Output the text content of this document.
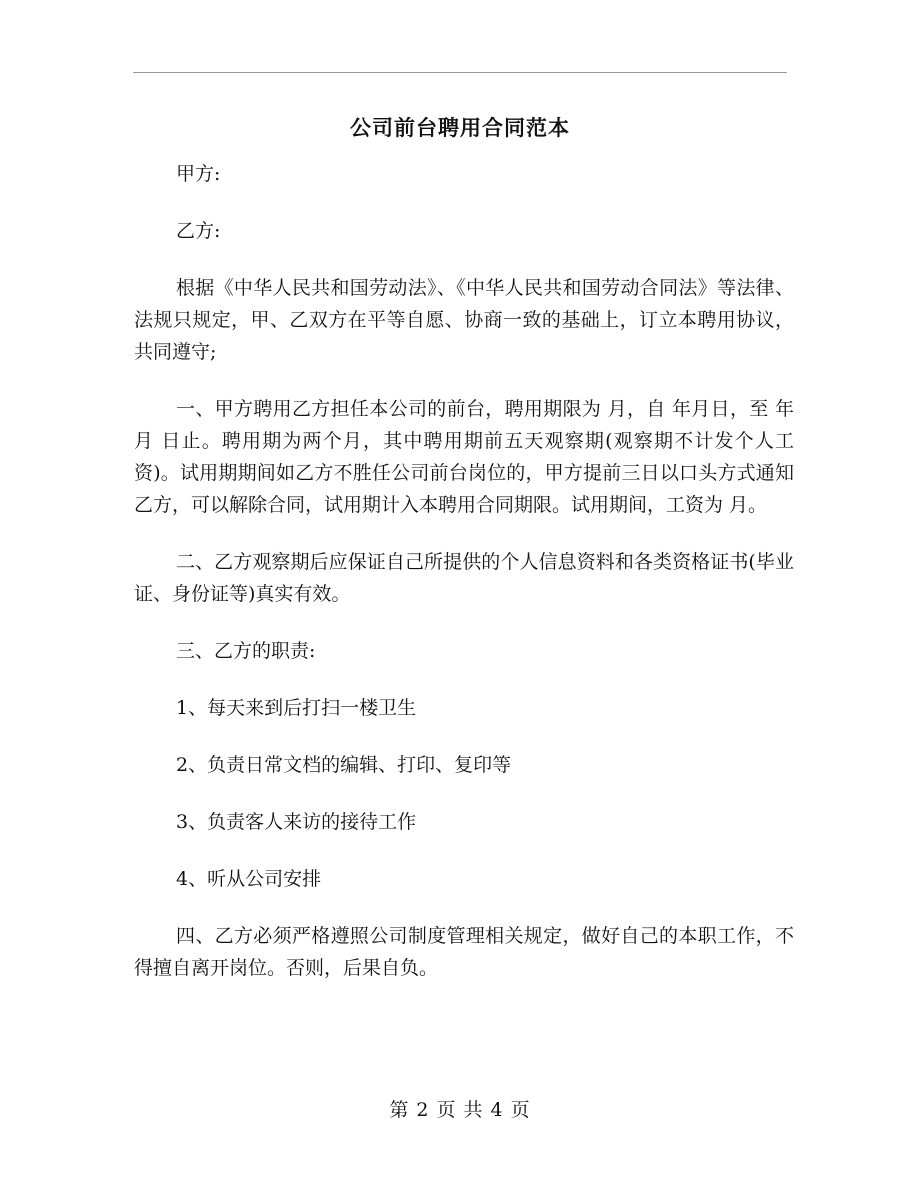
公司前台聘用合同范本

甲方:

乙方:

根据《中华人民共和国劳动法》、《中华人民共和国劳动合同法》等法律、法规只规定，甲、乙双方在平等自愿、协商一致的基础上，订立本聘用协议，共同遵守;

一、甲方聘用乙方担任本公司的前台，聘用期限为 月，自 年月日，至 年 月 日止。聘用期为两个月，其中聘用期前五天观察期(观察期不计发个人工资)。试用期期间如乙方不胜任公司前台岗位的，甲方提前三日以口头方式通知乙方，可以解除合同，试用期计入本聘用合同期限。试用期间，工资为 月。

二、乙方观察期后应保证自己所提供的个人信息资料和各类资格证书(毕业证、身份证等)真实有效。

三、乙方的职责:

1、每天来到后打扫一楼卫生

2、负责日常文档的编辑、打印、复印等

3、负责客人来访的接待工作

4、听从公司安排

四、乙方必须严格遵照公司制度管理相关规定，做好自己的本职工作，不得擅自离开岗位。否则，后果自负。

第 2 页 共 4 页
